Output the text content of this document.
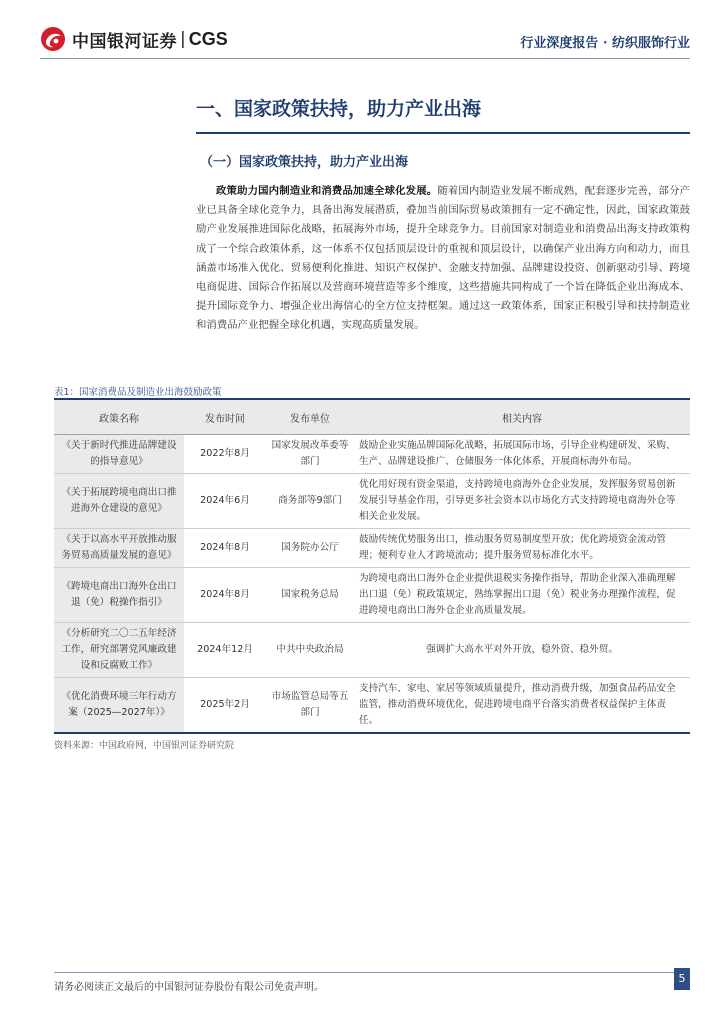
中国银河证券 | CGS	行业深度报告 · 纺织服饰行业
一、国家政策扶持，助力产业出海
（一）国家政策扶持，助力产业出海
政策助力国内制造业和消费品加速全球化发展。随着国内制造业发展不断成熟，配套逐步完善，部分产业已具备全球化竞争力，具备出海发展潜质，叠加当前国际贸易政策拥有一定不确定性，因此，国家政策鼓励产业发展推进国际化战略，拓展海外市场，提升全球竞争力。目前国家对制造业和消费品出海支持政策构成了一个综合政策体系，这一体系不仅包括顶层设计的重视和顶层设计，以确保产业出海方向和动力，而且涵盖市场准入优化、贸易便利化推进、知识产权保护、金融支持加强、品牌建设投资、创新驱动引导、跨境电商促进、国际合作拓展以及营商环境营造等多个维度，这些措施共同构成了一个旨在降低企业出海成本、提升国际竞争力、增强企业出海信心的全方位支持框架。通过这一政策体系，国家正积极引导和扶持制造业和消费品产业把握全球化机遇，实现高质量发展。
表1：国家消费品及制造业出海鼓励政策
政策名称	发布时间	发布单位	相关内容
《关于新时代推进品牌建设的指导意见》	2022年8月	国家发展改革委等部门	鼓励企业实施品牌国际化战略，拓展国际市场，引导企业构建研发、采购、生产、品牌建设推广、仓储服务一体化体系，开展商标海外布局。
《关于拓展跨境电商出口推进海外仓建设的意见》	2024年6月	商务部等9部门	优化用好现有资金渠道，支持跨境电商海外仓企业发展，发挥服务贸易创新发展引导基金作用，引导更多社会资本以市场化方式支持跨境电商海外仓等相关企业发展。
《关于以高水平开放推动服务贸易高质量发展的意见》	2024年8月	国务院办公厅	鼓励传统优势服务出口，推动服务贸易制度型开放；优化跨境资金流动管理；便利专业人才跨境流动；提升服务贸易标准化水平。
《跨境电商出口海外仓出口退（免）税操作指引》	2024年8月	国家税务总局	为跨境电商出口海外仓企业提供退税实务操作指导，帮助企业深入准确理解出口退（免）税政策规定，熟练掌握出口退（免）税业务办理操作流程，促进跨境电商出口海外仓企业高质量发展。
《分析研究二〇二五年经济工作，研究部署党风廉政建设和反腐败工作》	2024年12月	中共中央政治局	强调扩大高水平对外开放，稳外资、稳外贸。
《优化消费环境三年行动方案（2025—2027年）》	2025年2月	市场监管总局等五部门	支持汽车、家电、家居等领域质量提升，推动消费升级，加强食品药品安全监管，推动消费环境优化，促进跨境电商平台落实消费者权益保护主体责任。
资料来源：中国政府网，中国银河证券研究院
请务必阅读正文最后的中国银河证券股份有限公司免责声明。
5
